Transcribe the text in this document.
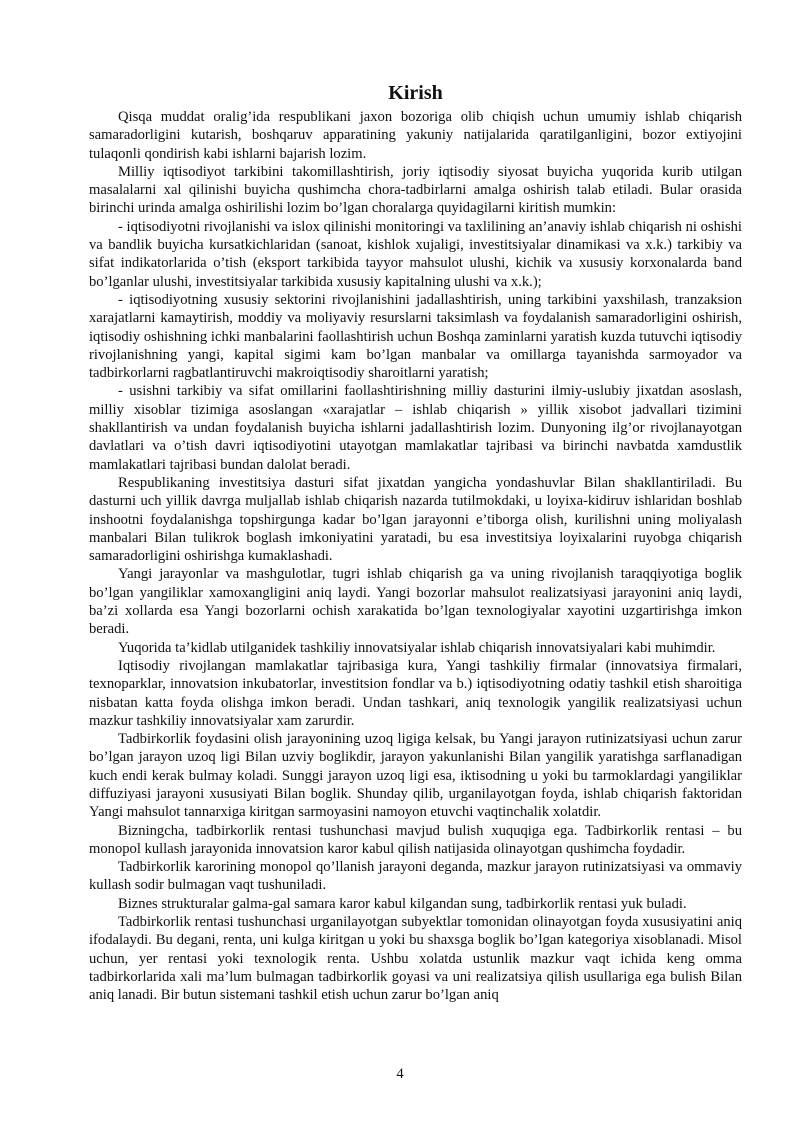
Kirish

Qisqa muddat oralig’ida respublikani jaxon bozoriga olib chiqish uchun umumiy ishlab chiqarish samaradorligini kutarish, boshqaruv apparatining yakuniy natijalarida qaratilganligini, bozor extiyojini tulaqonli qondirish kabi ishlarni bajarish lozim.

Milliy iqtisodiyot tarkibini takomillashtirish, joriy iqtisodiy siyosat buyicha yuqorida kurib utilgan masalalarni xal qilinishi buyicha qushimcha chora-tadbirlarni amalga oshirish talab etiladi. Bular orasida birinchi urinda amalga oshirilishi lozim bo’lgan choralarga quyidagilarni kiritish mumkin:

- iqtisodiyotni rivojlanishi va islox qilinishi monitoringi va taxlilining an’anaviy ishlab chiqarish ni oshishi va bandlik buyicha kursatkichlaridan (sanoat, kishlok xujaligi, investitsiyalar dinamikasi va x.k.) tarkibiy va sifat indikatorlarida o’tish (eksport tarkibida tayyor mahsulot ulushi, kichik va xususiy korxonalarda band bo’lganlar ulushi, investitsiyalar tarkibida xususiy kapitalning ulushi va x.k.);

- iqtisodiyotning xususiy sektorini rivojlanishini jadallashtirish, uning tarkibini yaxshilash, tranzaksion xarajatlarni kamaytirish, moddiy va moliyaviy resurslarni taksimlash va foydalanish samaradorligini oshirish, iqtisodiy oshishning ichki manbalarini faollashtirish uchun Boshqa zaminlarni yaratish kuzda tutuvchi iqtisodiy rivojlanishning yangi, kapital sigimi kam bo’lgan manbalar va omillarga tayanishda sarmoyador va tadbirkorlarni ragbatlantiruvchi makroiqtisodiy sharoitlarni yaratish;

- usishni tarkibiy va sifat omillarini faollashtirishning milliy dasturini ilmiy-uslubiy jixatdan asoslash, milliy xisoblar tizimiga asoslangan «xarajatlar – ishlab chiqarish » yillik xisobot jadvallari tizimini shakllantirish va undan foydalanish buyicha ishlarni jadallashtirish lozim. Dunyoning ilg’or rivojlanayotgan davlatlari va o’tish davri iqtisodiyotini utayotgan mamlakatlar tajribasi va birinchi navbatda xamdustlik mamlakatlari tajribasi bundan dalolat beradi.

Respublikaning investitsiya dasturi sifat jixatdan yangicha yondashuvlar Bilan shakllantiriladi. Bu dasturni uch yillik davrga muljallab ishlab chiqarish nazarda tutilmokdaki, u loyixa-kidiruv ishlaridan boshlab inshootni foydalanishga topshirgunga kadar bo’lgan jarayonni e’tiborga olish, kurilishni uning moliyalash manbalari Bilan tulikrok boglash imkoniyatini yaratadi, bu esa investitsiya loyixalarini ruyobga chiqarish samaradorligini oshirishga kumaklashadi.

Yangi jarayonlar va mashgulotlar, tugri ishlab chiqarish ga va uning rivojlanish taraqqiyotiga boglik bo’lgan yangiliklar xamoxangligini aniq laydi. Yangi bozorlar mahsulot realizatsiyasi jarayonini aniq laydi, ba’zi xollarda esa Yangi bozorlarni ochish xarakatida bo’lgan texnologiyalar xayotini uzgartirishga imkon beradi.

Yuqorida ta’kidlab utilganidek tashkiliy innovatsiyalar ishlab chiqarish innovatsiyalari kabi muhimdir.

Iqtisodiy rivojlangan mamlakatlar tajribasiga kura, Yangi tashkiliy firmalar (innovatsiya firmalari, texnoparklar, innovatsion inkubatorlar, investitsion fondlar va b.) iqtisodiyotning odatiy tashkil etish sharoitiga nisbatan katta foyda olishga imkon beradi. Undan tashkari, aniq texnologik yangilik realizatsiyasi uchun mazkur tashkiliy innovatsiyalar xam zarurdir.

Tadbirkorlik foydasini olish jarayonining uzoq ligiga kelsak, bu Yangi jarayon rutinizatsiyasi uchun zarur bo’lgan jarayon uzoq ligi Bilan uzviy boglikdir, jarayon yakunlanishi Bilan yangilik yaratishga sarflanadigan kuch endi kerak bulmay koladi. Sunggi jarayon uzoq ligi esa, iktisodning u yoki bu tarmoklardagi yangiliklar diffuziyasi jarayoni xususiyati Bilan boglik. Shunday qilib, urganilayotgan foyda, ishlab chiqarish faktoridan Yangi mahsulot tannarxiga kiritgan sarmoyasini namoyon etuvchi vaqtinchalik xolatdir.

Bizningcha, tadbirkorlik rentasi tushunchasi mavjud bulish xuquqiga ega. Tadbirkorlik rentasi – bu monopol kullash jarayonida innovatsion karor kabul qilish natijasida olinayotgan qushimcha foydadir.

Tadbirkorlik karorining monopol qo’llanish jarayoni deganda, mazkur jarayon rutinizatsiyasi va ommaviy kullash sodir bulmagan vaqt tushuniladi.

Biznes strukturalar galma-gal samara karor kabul kilgandan sung, tadbirkorlik rentasi yuk buladi.

Tadbirkorlik rentasi tushunchasi urganilayotgan subyektlar tomonidan olinayotgan foyda xususiyatini aniq ifodalaydi. Bu degani, renta, uni kulga kiritgan u yoki bu shaxsga boglik bo’lgan kategoriya xisoblanadi. Misol uchun, yer rentasi yoki texnologik renta. Ushbu xolatda ustunlik mazkur vaqt ichida keng omma tadbirkorlarida xali ma’lum bulmagan tadbirkorlik goyasi va uni realizatsiya qilish usullariga ega bulish Bilan aniq lanadi. Bir butun sistemani tashkil etish uchun zarur bo’lgan aniq

4
